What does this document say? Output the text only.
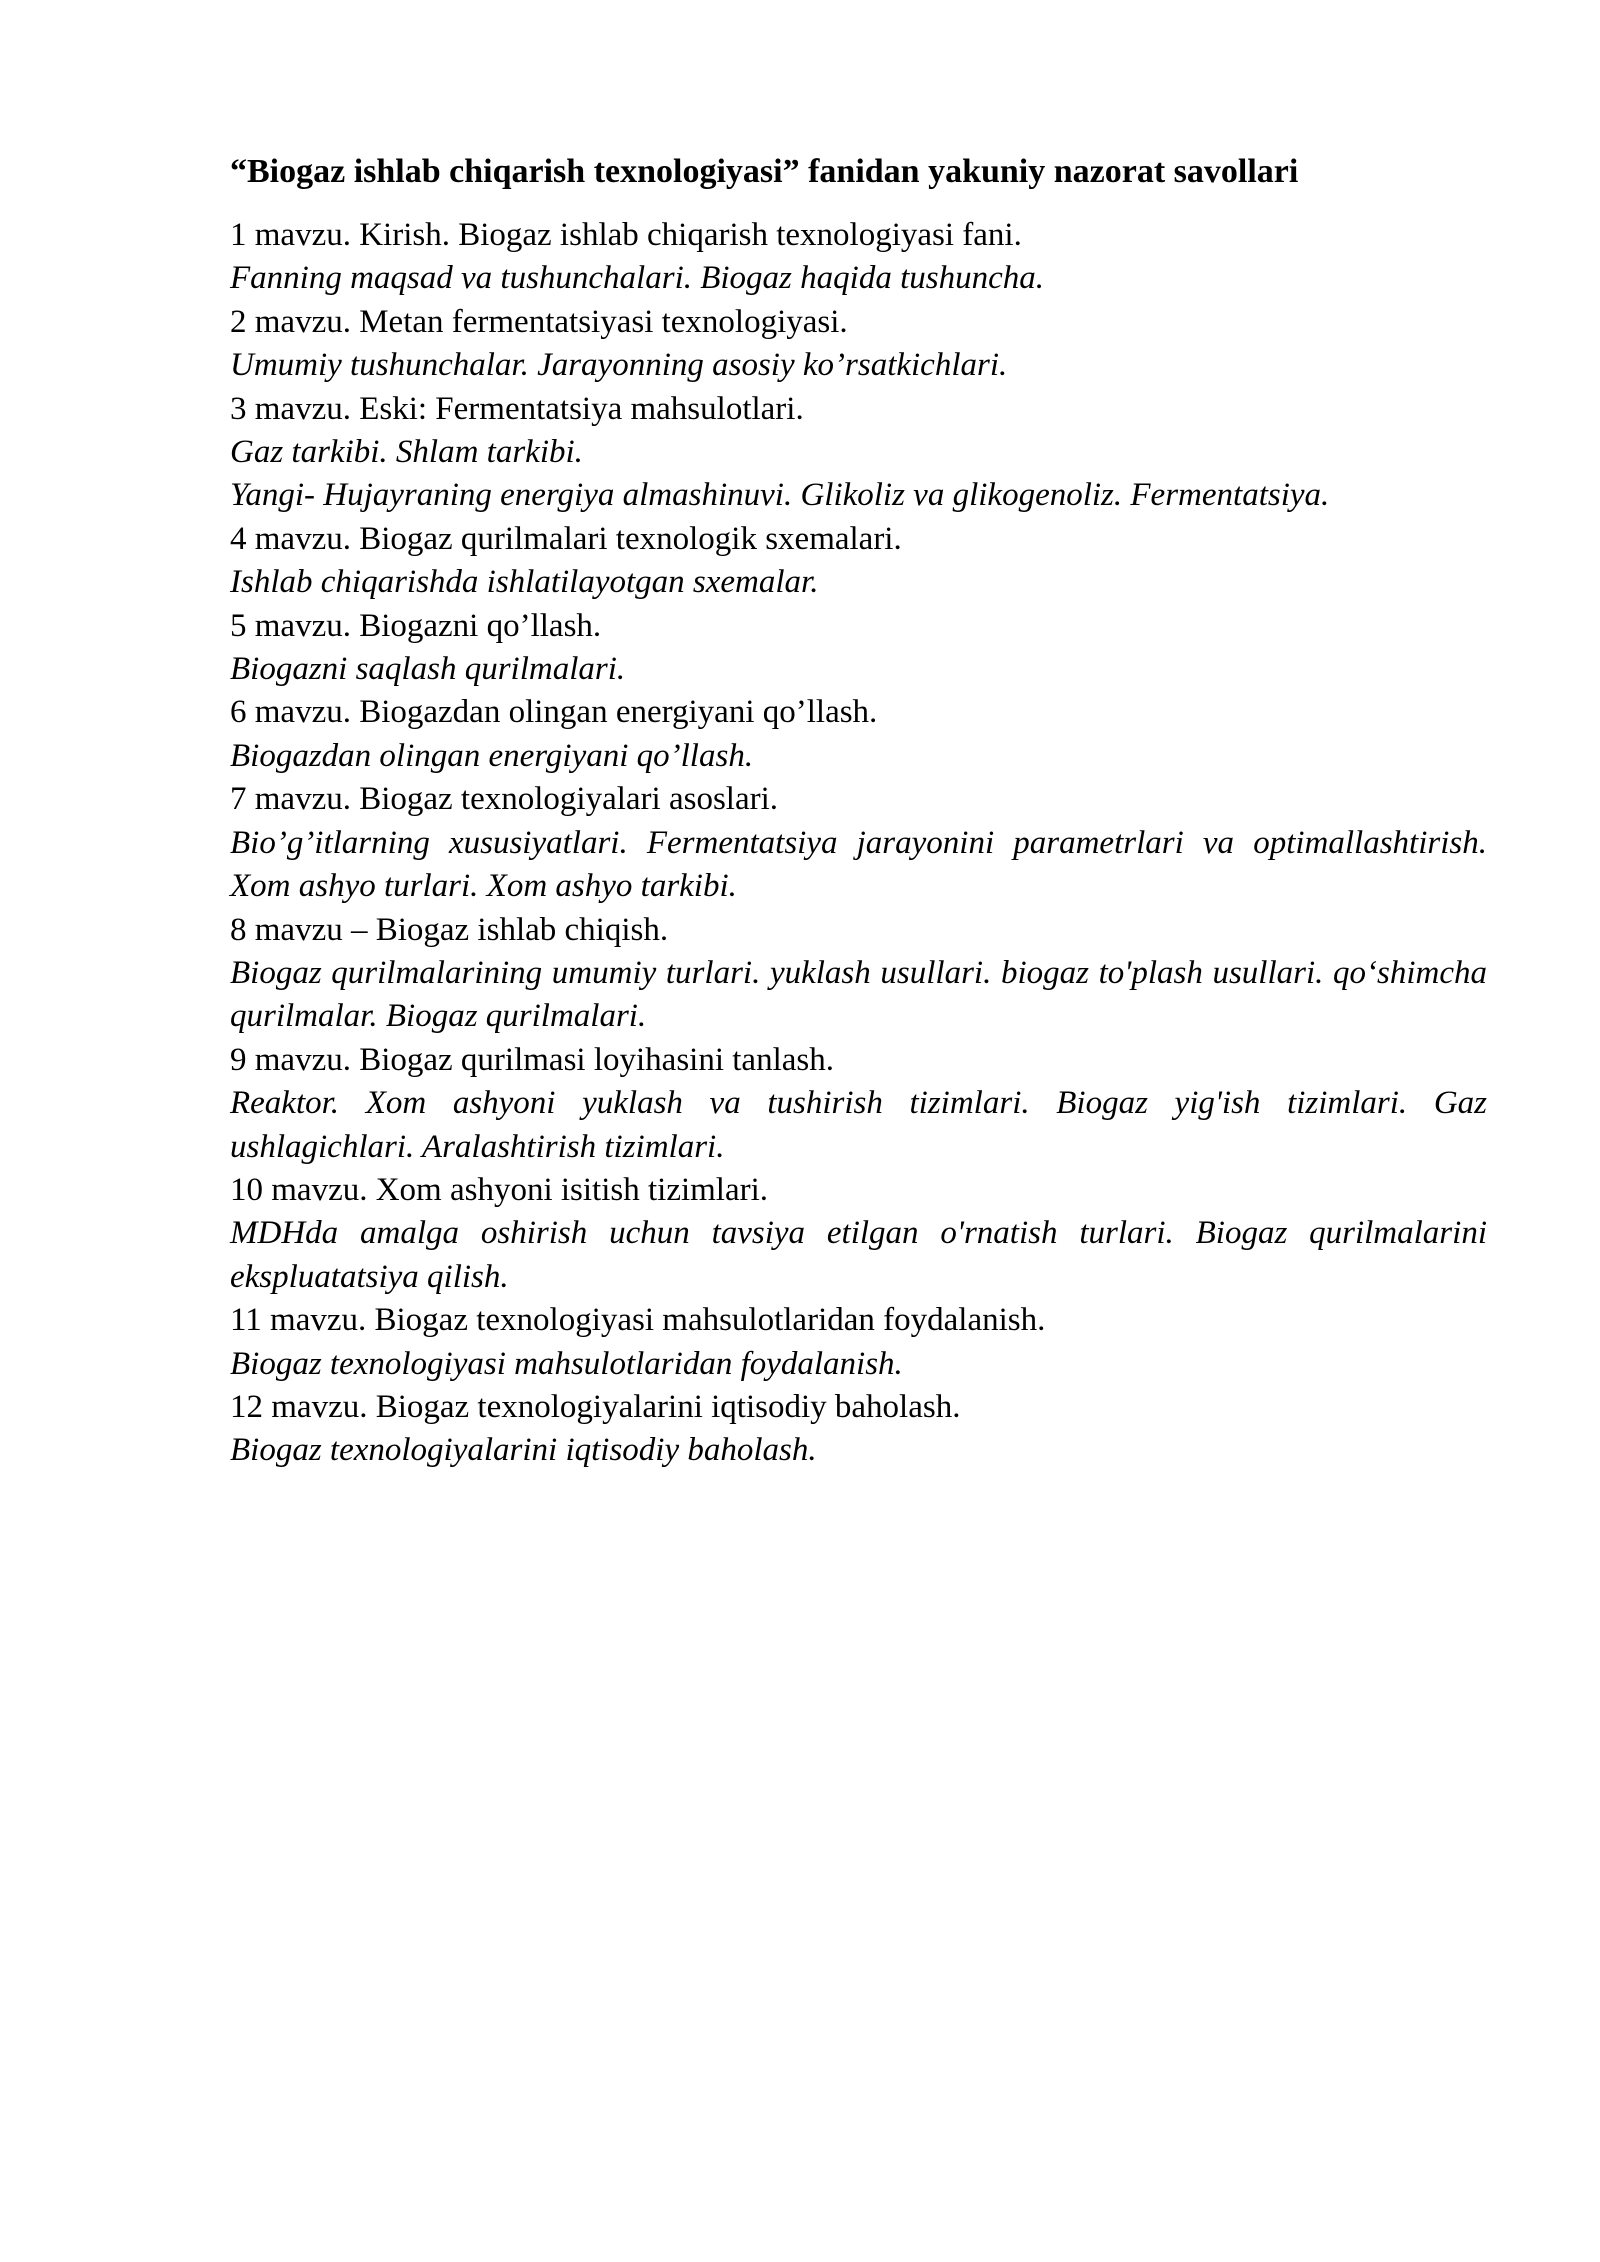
“Biogaz ishlab chiqarish texnologiyasi” fanidan yakuniy nazorat savollari

1 mavzu. Kirish. Biogaz ishlab chiqarish texnologiyasi fani.

Fanning maqsad va tushunchalari. Biogaz haqida tushuncha.

2 mavzu. Metan fermentatsiyasi texnologiyasi.

Umumiy tushunchalar. Jarayonning asosiy ko’rsatkichlari.

3 mavzu. Eski: Fermentatsiya mahsulotlari.

Gaz tarkibi. Shlam tarkibi.

Yangi- Hujayraning energiya almashinuvi. Glikoliz va glikogenoliz. Fermentatsiya.

4 mavzu. Biogaz qurilmalari texnologik sxemalari.

Ishlab chiqarishda ishlatilayotgan sxemalar.

5 mavzu. Biogazni qo’llash.

Biogazni saqlash qurilmalari.

6 mavzu. Biogazdan olingan energiyani qo’llash.

Biogazdan olingan energiyani qo’llash.

7 mavzu. Biogaz texnologiyalari asoslari.

Bio’g’itlarning xususiyatlari. Fermentatsiya jarayonini parametrlari va optimallashtirish. Xom ashyo turlari. Xom ashyo tarkibi.

8 mavzu – Biogaz ishlab chiqish.

Biogaz qurilmalarining umumiy turlari. yuklash usullari. biogaz to'plash usullari. qo‘shimcha qurilmalar. Biogaz qurilmalari.

9 mavzu. Biogaz qurilmasi loyihasini tanlash.

Reaktor. Xom ashyoni yuklash va tushirish tizimlari. Biogaz yig'ish tizimlari. Gaz ushlagichlari. Aralashtirish tizimlari.

10 mavzu. Xom ashyoni isitish tizimlari.

MDHda amalga oshirish uchun tavsiya etilgan o'rnatish turlari. Biogaz qurilmalarini ekspluatatsiya qilish.

11 mavzu. Biogaz texnologiyasi mahsulotlaridan foydalanish.

Biogaz texnologiyasi mahsulotlaridan foydalanish.

12 mavzu. Biogaz texnologiyalarini iqtisodiy baholash.

Biogaz texnologiyalarini iqtisodiy baholash.
